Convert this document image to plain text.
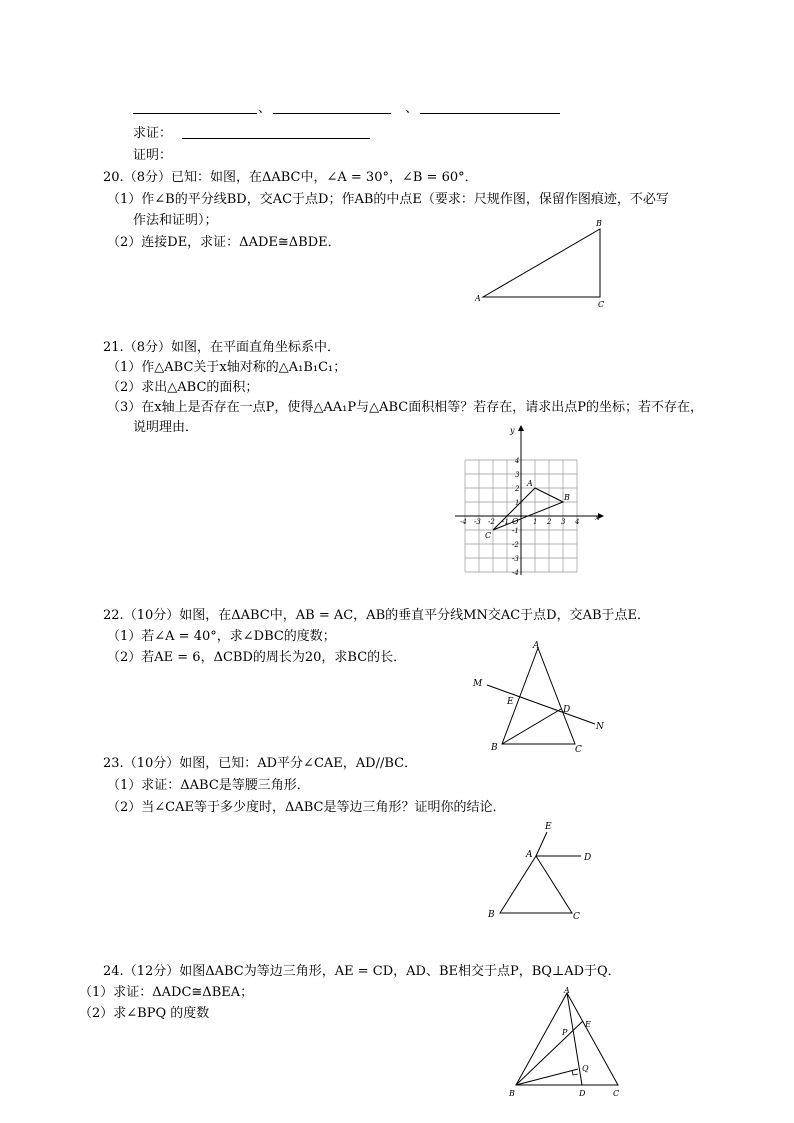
、	、
求证：
证明：
20.（8分）已知：如图，在ΔABC中，∠A = 30°，∠B = 60°．
（1）作∠B的平分线BD，交AC于点D；作AB的中点E（要求：尺规作图，保留作图痕迹，不必写
作法和证明）；
（2）连接DE，求证：ΔADE≅ΔBDE．
A
B
C
21.（8分）如图，在平面直角坐标系中．
（1）作△ABC关于x轴对称的△A₁B₁C₁；
（2）求出△ABC的面积；
（3）在x轴上是否存在一点P，使得△AA₁P与△ABC面积相等？若存在，请求出点P的坐标；若不存在，
说明理由．
x
y
O
-4 -3 -2 -1	1 2 3 4
4
3
2
1
-1
-2
-3
-4
A
B
C
22.（10分）如图，在ΔABC中，AB = AC，AB的垂直平分线MN交AC于点D，交AB于点E．
（1）若∠A = 40°，求∠DBC的度数；
（2）若AE = 6，ΔCBD的周长为20，求BC的长．
A
B	C
D
E
M
N
23.（10分）如图，已知：AD平分∠CAE，AD//BC．
（1）求证：ΔABC是等腰三角形．
（2）当∠CAE等于多少度时，ΔABC是等边三角形？证明你的结论．
A
B	C
D
E
24.（12分）如图ΔABC为等边三角形，AE = CD，AD、BE相交于点P，BQ⊥AD于Q．
（1）求证：ΔADC≅ΔBEA；
（2）求∠BPQ 的度数
A
B	C
D
E
P
Q
